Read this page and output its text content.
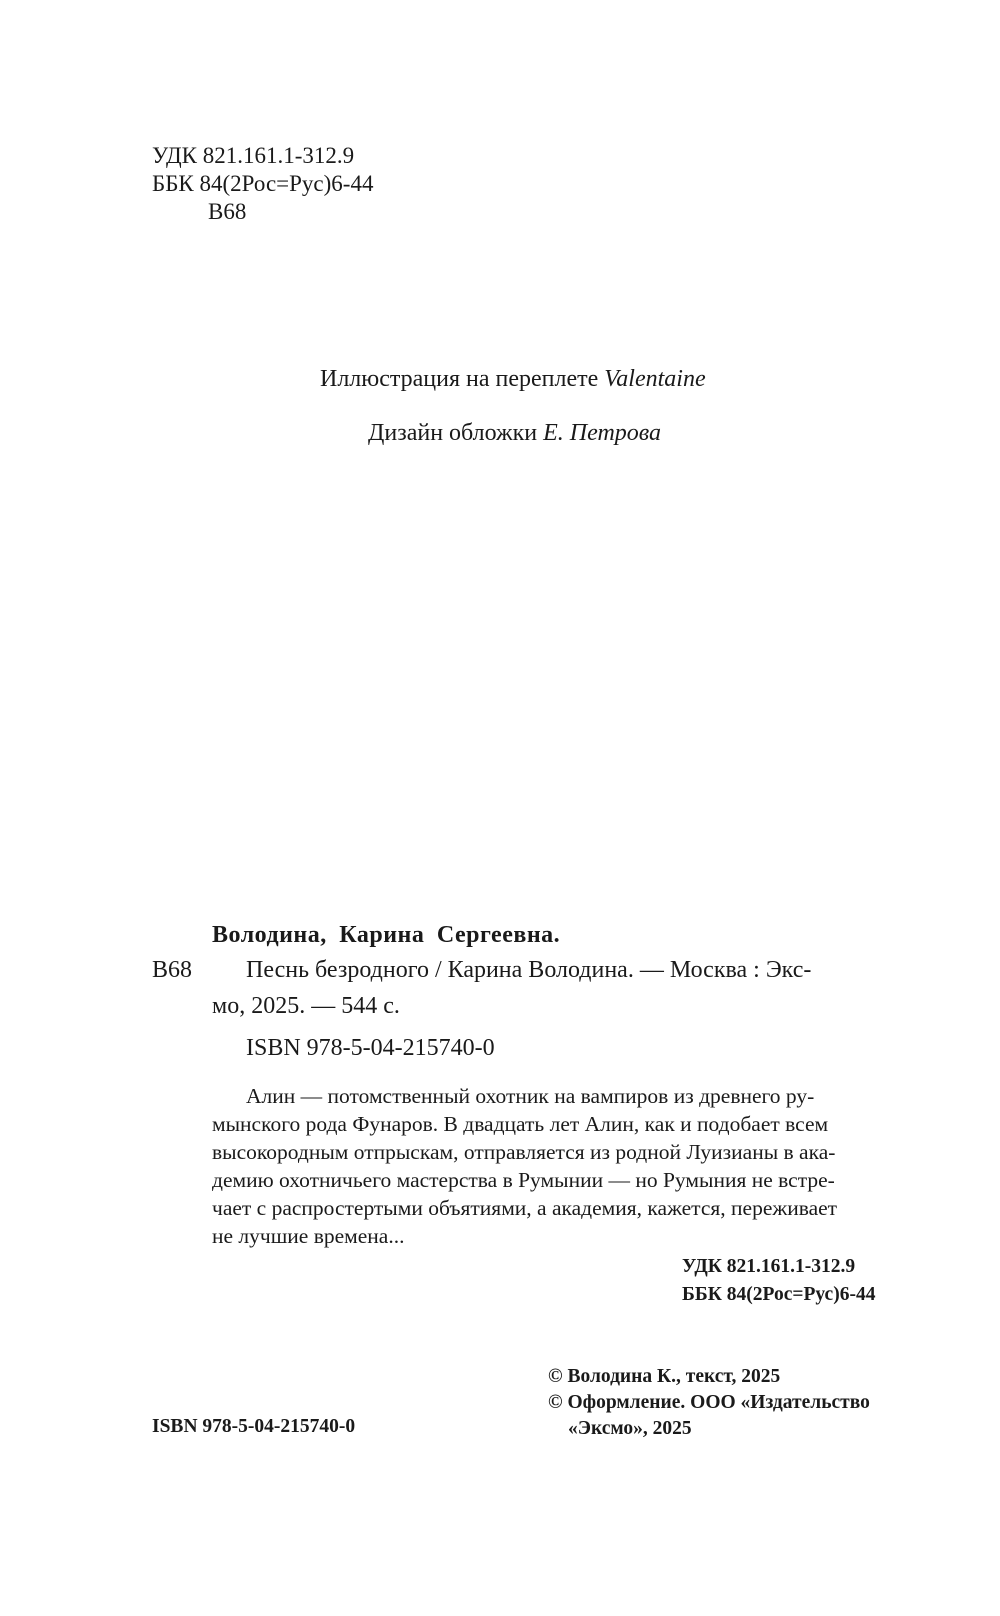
УДК 821.161.1-312.9
ББК 84(2Рос=Рус)6-44
В68
Иллюстрация на переплете Valentaine
Дизайн обложки Е. Петрова
Володина, Карина Сергеевна.
В68 Песнь безродного / Карина Володина. — Москва : Экс-
мо, 2025. — 544 с.
ISBN 978-5-04-215740-0
Алин — потомственный охотник на вампиров из древнего ру-
мынского рода Фунаров. В двадцать лет Алин, как и подобает всем
высокородным отпрыскам, отправляется из родной Луизианы в ака-
демию охотничьего мастерства в Румынии — но Румыния не встре-
чает с распростертыми объятиями, а академия, кажется, переживает
не лучшие времена...
УДК 821.161.1-312.9
ББК 84(2Рос=Рус)6-44
ISBN 978-5-04-215740-0
© Володина К., текст, 2025
© Оформление. ООО «Издательство
«Эксмо», 2025
